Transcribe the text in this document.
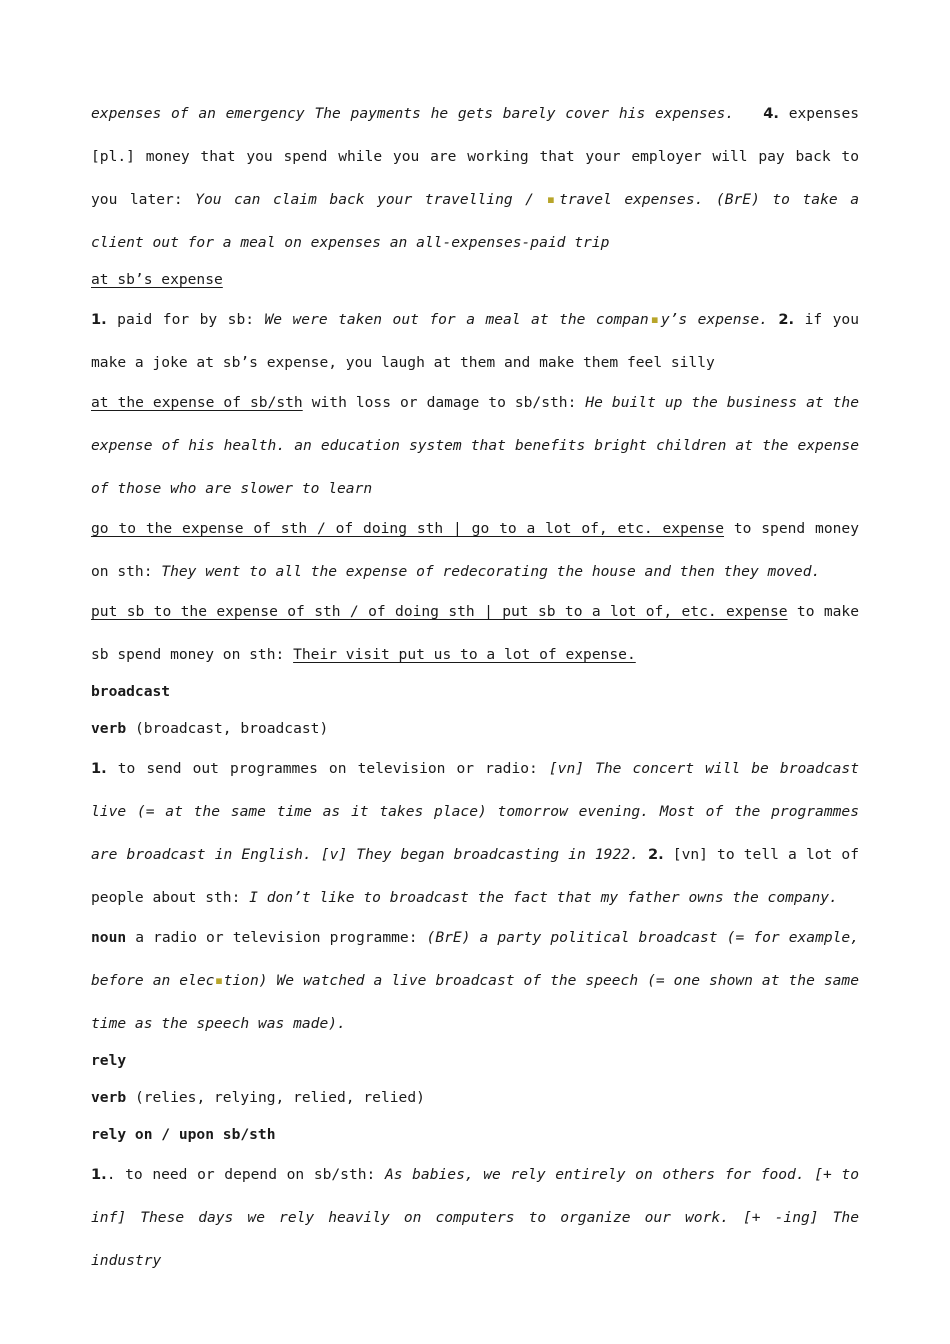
expenses of an emergency The payments he gets barely cover his expenses. 4. expenses [pl.] money that you spend while you are working that your employer will pay back to you later: You can claim back your travelling / ▪travel expenses. (BrE) to take a client out for a meal on expenses an all-expenses-paid trip

at sb’s expense

1. paid for by sb: We were taken out for a meal at the compan▪y’s expense. 2. if you make a joke at sb’s expense, you laugh at them and make them feel silly

at the expense of sb/sth with loss or damage to sb/sth: He built up the business at the expense of his health. an education system that benefits bright children at the expense of those who are slower to learn

go to the expense of sth / of doing sth | go to a lot of, etc. expense to spend money on sth: They went to all the expense of redecorating the house and then they moved.

put sb to the expense of sth / of doing sth | put sb to a lot of, etc. expense to make sb spend money on sth: Their visit put us to a lot of expense.

broadcast

verb (broadcast, broadcast)

1. to send out programmes on television or radio: [vn] The concert will be broadcast live (= at the same time as it takes place) tomorrow evening. Most of the programmes are broadcast in English. [v] They began broadcasting in 1922. 2. [vn] to tell a lot of people about sth: I don’t like to broadcast the fact that my father owns the company.

noun a radio or television programme: (BrE) a party political broadcast (= for example, before an elec▪tion) We watched a live broadcast of the speech (= one shown at the same time as the speech was made).

rely

verb (relies, relying, relied, relied)

rely on / upon sb/sth

1.. to need or depend on sb/sth: As babies, we rely entirely on others for food. [+ to inf] These days we rely heavily on computers to organize our work. [+ -ing] The industry
